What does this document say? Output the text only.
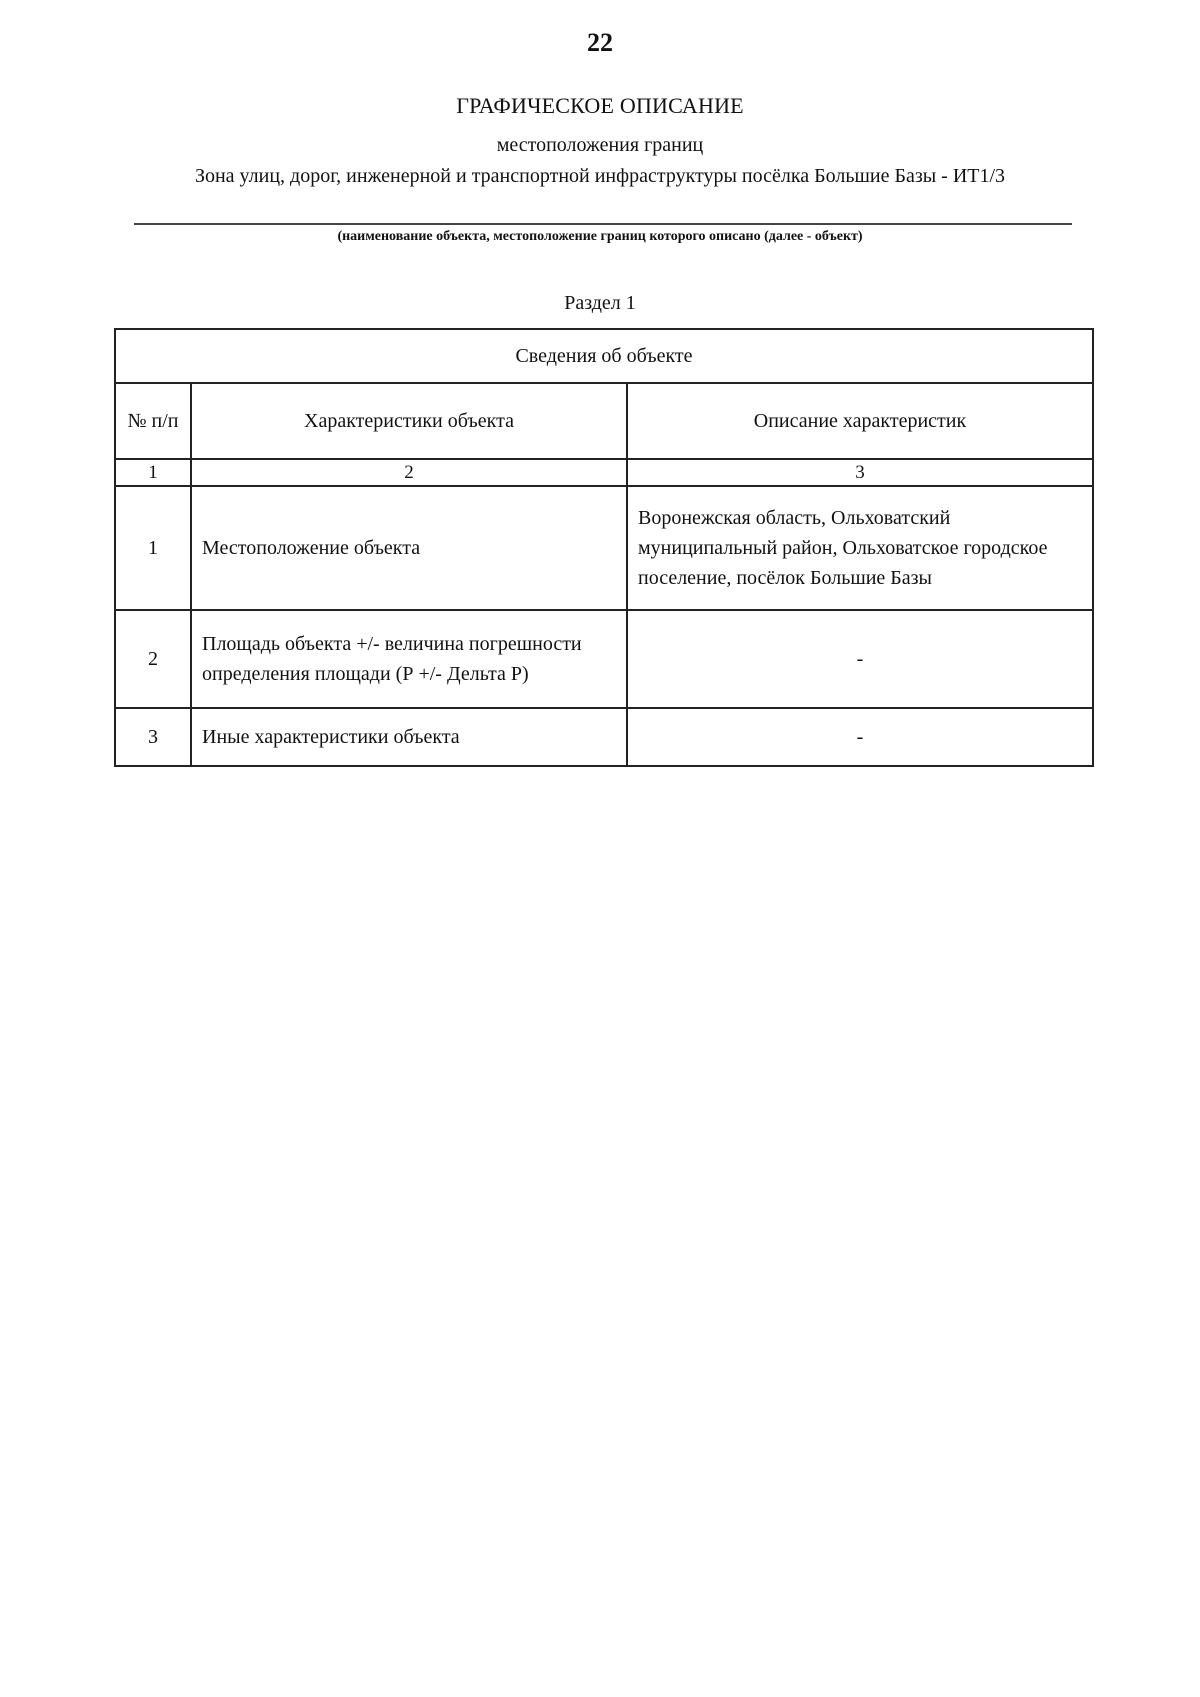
22
ГРАФИЧЕСКОЕ ОПИСАНИЕ
местоположения границ
Зона улиц, дорог, инженерной и транспортной инфраструктуры посёлка Большие Базы - ИТ1/3
(наименование объекта, местоположение границ которого описано (далее - объект)
Раздел 1
Сведения об объекте		
№ п/п	Характеристики объекта	Описание характеристик
1	2	3
1	Местоположение объекта	Воронежская область, Ольховатский муниципальный район, Ольховатское городское поселение, посёлок Большие Базы
2	Площадь объекта +/- величина погрешности определения площади (Р +/- Дельта Р)	-
3	Иные характеристики объекта	-
